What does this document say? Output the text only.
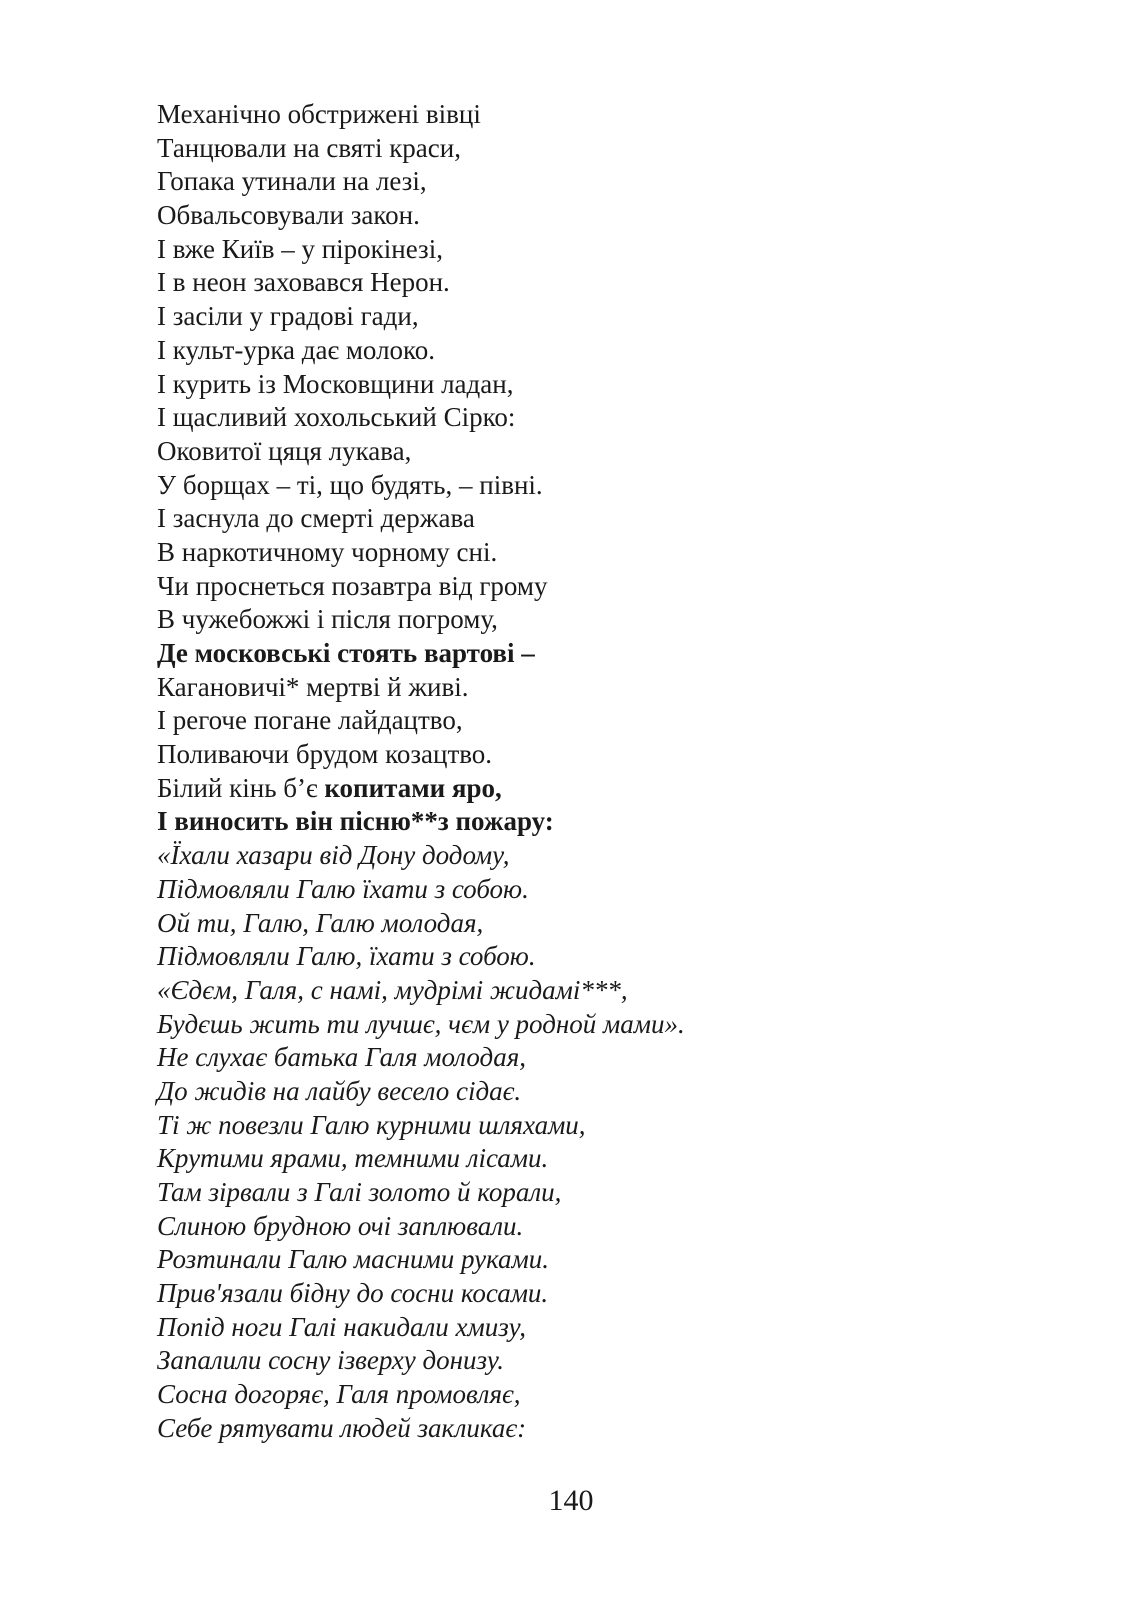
Механічно обстрижені вівці
Танцювали на святі краси,
Гопака утинали на лезі,
Обвальсовували закон.
І вже Київ – у пірокінезі,
І в неон заховався Нерон.
І засіли у градові гади,
І культ-урка дає молоко.
І курить із Московщини ладан,
І щасливий хохольський Сірко:
Оковитої цяця лукава,
У борщах – ті, що будять, – півні.
І заснула до смерті держава
В наркотичному чорному сні.
Чи проснеться позавтра від грому
В чужебожжі і після погрому,
Де московські стоять вартові –
Кагановичі* мертві й живі.
І регоче погане лайдацтво,
Поливаючи брудом козацтво.
Білий кінь б’є копитами яро,
І виносить він пісню**з пожару:
«Їхали хазари від Дону додому,
Підмовляли Галю їхати з собою.
Ой ти, Галю, Галю молодая,
Підмовляли Галю, їхати з собою.
«Єдєм, Галя, с намі, мудрімі жидамі***,
Будєшь жить ти лучшє, чєм у родной мами».
Не слухає батька Галя молодая,
До жидів на лайбу весело сідає.
Ті ж повезли Галю курними шляхами,
Крутими ярами, темними лісами.
Там зірвали з Галі золото й корали,
Слиною брудною очі заплювали.
Розтинали Галю масними руками.
Прив'язали бідну до сосни косами.
Попід ноги Галі накидали хмизу,
Запалили сосну ізверху донизу.
Сосна догоряє, Галя промовляє,
Себе рятувати людей закликає:
140
